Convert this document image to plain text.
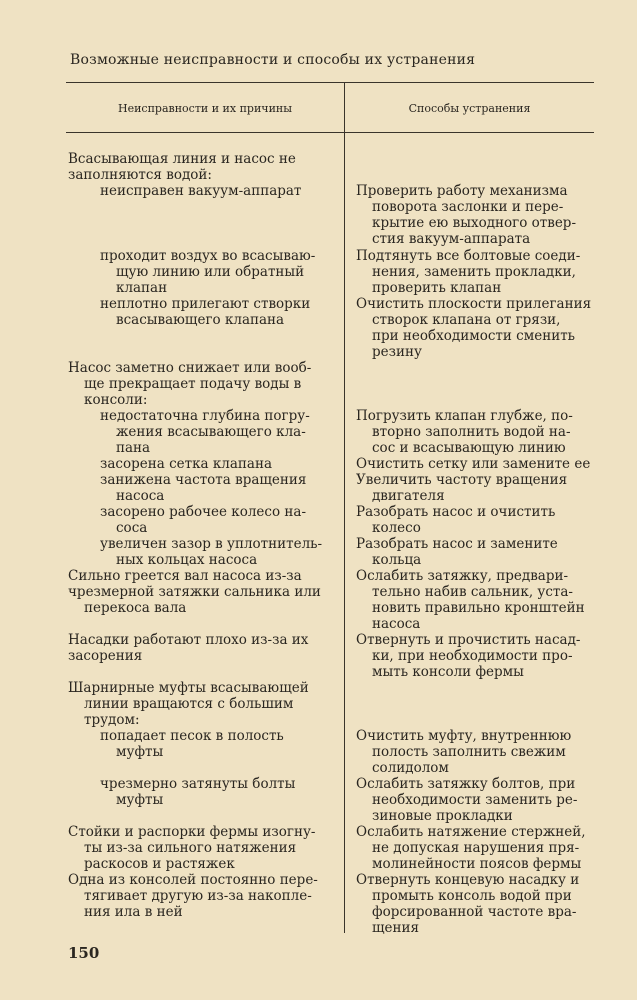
Возможные неисправности и способы их устранения
Неисправности и их причины	Способы устранения
Всасывающая линия и насос не
заполняются водой:
неисправен вакуум-аппарат
проходит воздух во всасываю-
щую линию или обратный
клапан
неплотно прилегают створки
всасывающего клапана
Насос заметно снижает или вооб-
ще прекращает подачу воды в
консоли:
недостаточна глубина погру-
жения всасывающего кла-
пана
засорена сетка клапана
занижена частота вращения
насоса
засорено рабочее колесо на-
соса
увеличен зазор в уплотнитель-
ных кольцах насоса
Сильно греется вал насоса из-за
чрезмерной затяжки сальника или
перекоса вала
Насадки работают плохо из-за их
засорения
Шарнирные муфты всасывающей
линии вращаются с большим
трудом:
попадает песок в полость
муфты
чрезмерно затянуты болты
муфты
Стойки и распорки фермы изогну-
ты из-за сильного натяжения
раскосов и растяжек
Одна из консолей постоянно пере-
тягивает другую из-за накопле-
ния ила в ней
Проверить работу механизма
поворота заслонки и пере-
крытие ею выходного отвер-
стия вакуум-аппарата
Подтянуть все болтовые соеди-
нения, заменить прокладки,
проверить клапан
Очистить плоскости прилегания
створок клапана от грязи,
при необходимости сменить
резину
Погрузить клапан глубже, по-
вторно заполнить водой на-
сос и всасывающую линию
Очистить сетку или замените ее
Увеличить частоту вращения
двигателя
Разобрать насос и очистить
колесо
Разобрать насос и замените
кольца
Ослабить затяжку, предвари-
тельно набив сальник, уста-
новить правильно кронштейн
насоса
Отвернуть и прочистить насад-
ки, при необходимости про-
мыть консоли фермы
Очистить муфту, внутреннюю
полость заполнить свежим
солидолом
Ослабить затяжку болтов, при
необходимости заменить ре-
зиновые прокладки
Ослабить натяжение стержней,
не допуская нарушения пря-
молинейности поясов фермы
Отвернуть концевую насадку и
промыть консоль водой при
форсированной частоте вра-
щения
150
